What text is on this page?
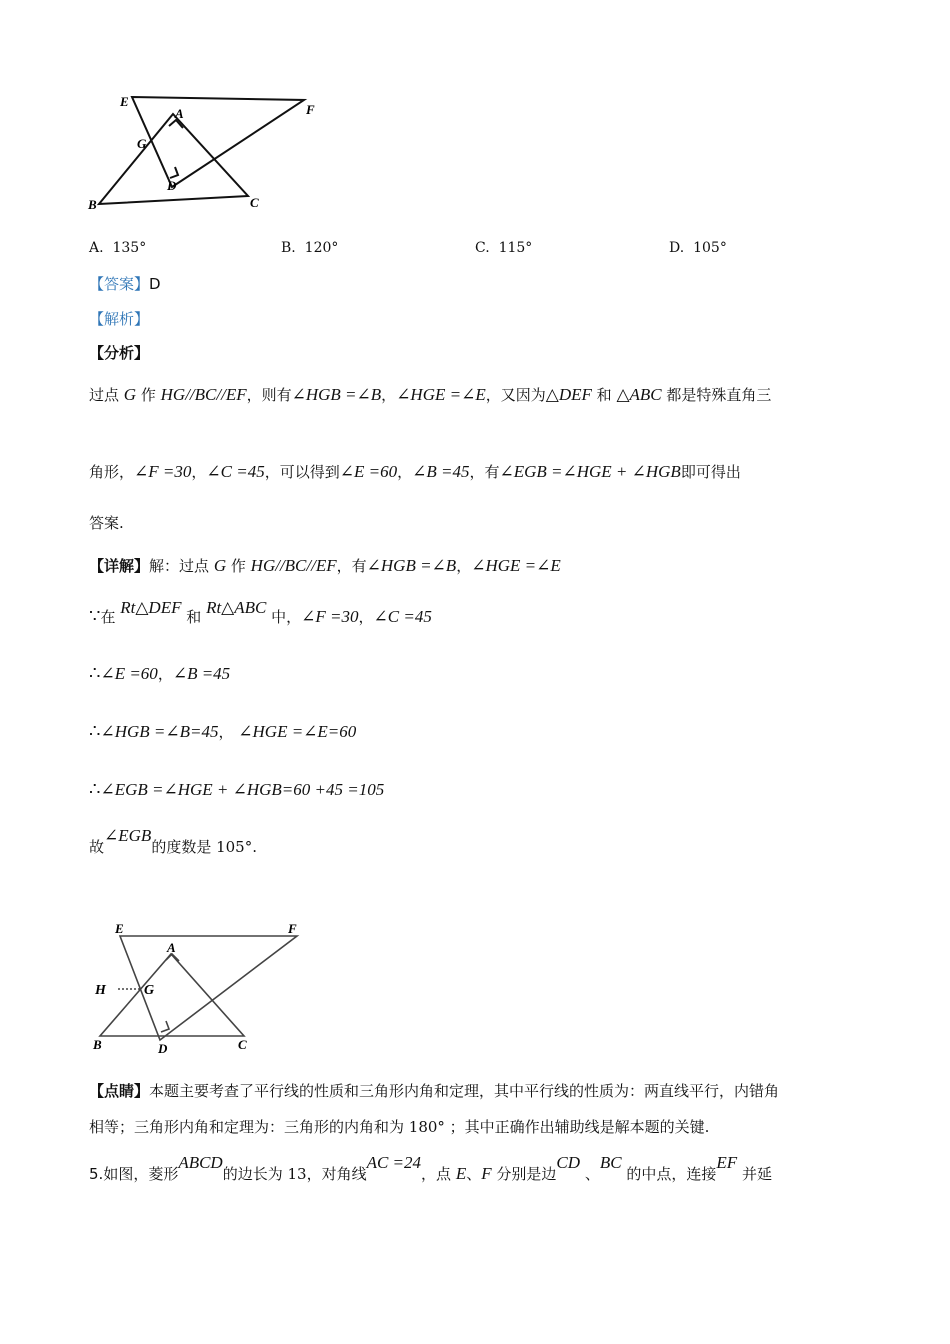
E
F
A
G
D
B	C
A. 135°	B. 120°	C. 115°	D. 105°
【答案】D
【解析】
【分析】
过点 G 作 HG//BC//EF，则有∠HGB =∠B，∠HGE =∠E，又因为△DEF 和 △ABC 都是特殊直角三
角形，∠F =30，∠C =45，可以得到∠E =60，∠B =45，有∠EGB =∠HGE + ∠HGB即可得出
答案.
【详解】解：过点 G 作 HG//BC//EF，有∠HGB =∠B，∠HGE =∠E
∵在 Rt△DEF 和 Rt△ABC 中，∠F =30，∠C =45
∴∠E =60，∠B =45
∴∠HGB =∠B=45， ∠HGE =∠E=60
∴∠EGB =∠HGE + ∠HGB=60 +45 =105
故∠EGB的度数是 105°.
E	F
A
H	G
D
B	C
【点睛】本题主要考查了平行线的性质和三角形内角和定理，其中平行线的性质为：两直线平行，内错角
相等；三角形内角和定理为：三角形的内角和为 180° ；其中正确作出辅助线是解本题的关键.
5.如图，菱形ABCD的边长为 13，对角线AC =24，点 E、F 分别是边CD 、BC 的中点，连接EF 并延
